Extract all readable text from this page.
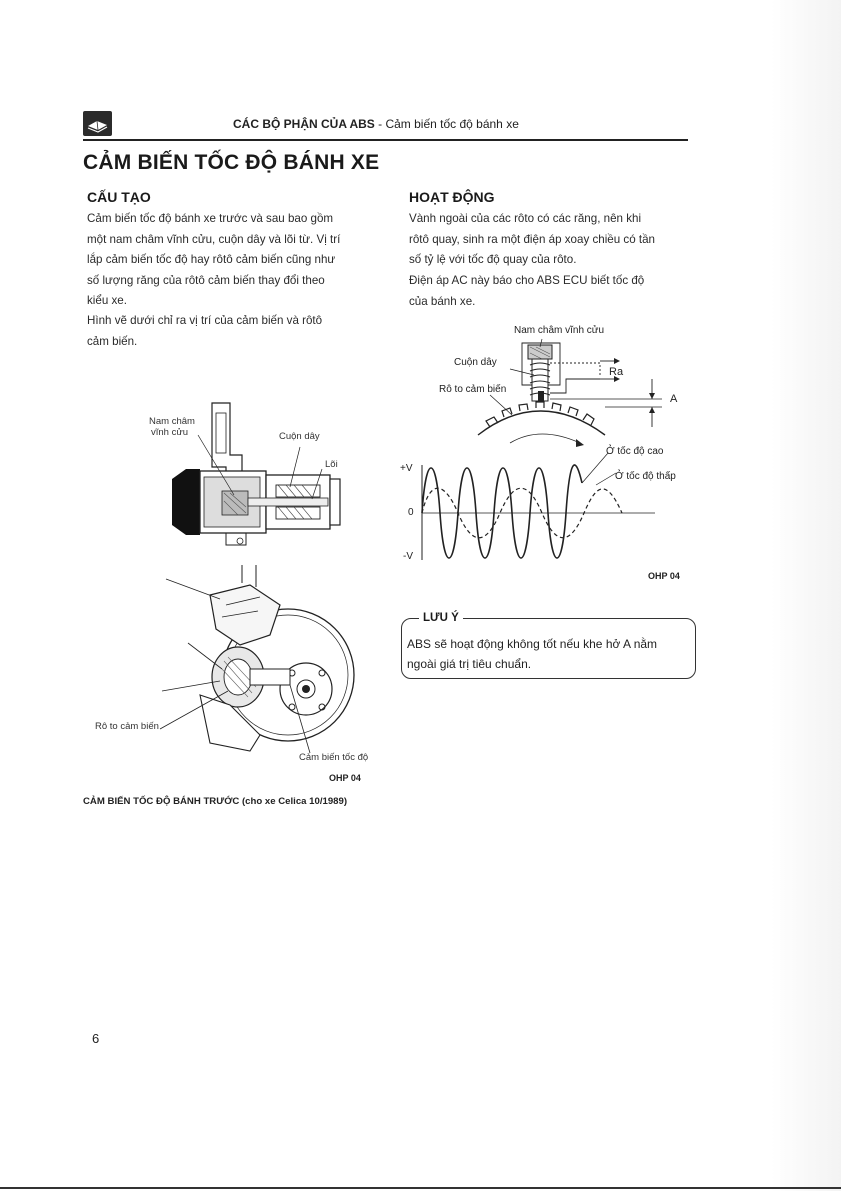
CÁC BỘ PHẬN CỦA ABS - Cảm biến tốc độ bánh xe
CẢM BIẾN TỐC ĐỘ BÁNH XE
CẤU TẠO
Cảm biến tốc độ bánh xe trước và sau bao gồm
một nam châm vĩnh cửu, cuộn dây và lõi từ. Vị trí
lắp cảm biến tốc độ hay rôtô cảm biến cũng như
số lượng răng của rôtô cảm biến thay đổi theo
kiểu xe.
Hình vẽ dưới chỉ ra vị trí của cảm biến và rôtô
cảm biến.
Nam châm
vĩnh cửu	Cuộn dây
Lõi
Rô to cảm biến
Cảm biến tốc độ
OHP 04
CẢM BIẾN TỐC ĐỘ BÁNH TRƯỚC (cho xe Celica 10/1989)
HOẠT ĐỘNG
Vành ngoài của các rôto có các răng, nên khi
rôtô quay, sinh ra một điện áp xoay chiều có tần
số tỷ lệ với tốc độ quay của rôto.
Điện áp AC này báo cho ABS ECU biết tốc độ
của bánh xe.
Nam châm vĩnh cửu
Cuộn dây
Rô to cảm biến
Ra
A
Ở tốc độ cao
Ở tốc độ thấp
+V
0
-V
OHP 04
LƯU Ý
ABS sẽ hoạt động không tốt nếu khe hở A nằm
ngoài giá trị tiêu chuẩn.
6
